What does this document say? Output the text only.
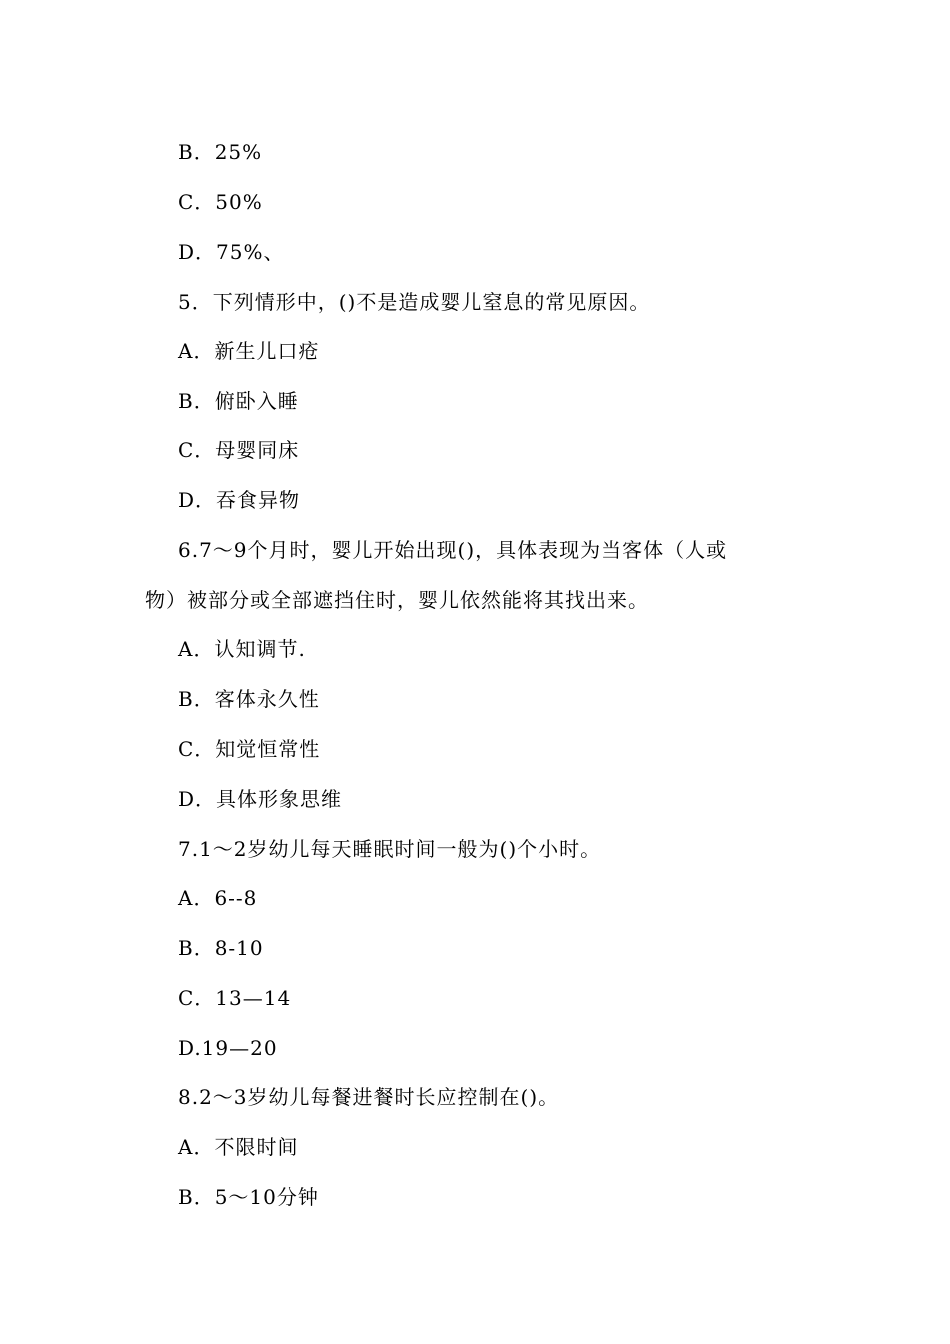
B．25%
C．50%
D．75%、
5．下列情形中，()不是造成婴儿窒息的常见原因。
A．新生儿口疮
B．俯卧入睡
C．母婴同床
D．吞食异物
6.7～9个月时，婴儿开始出现()，具体表现为当客体（人或
物）被部分或全部遮挡住时，婴儿依然能将其找出来。
A．认知调节.
B．客体永久性
C．知觉恒常性
D．具体形象思维
7.1～2岁幼儿每天睡眠时间一般为()个小时。
A．6--8
B．8-10
C．13—14
D.19—20
8.2～3岁幼儿每餐进餐时长应控制在()。
A．不限时间
B．5～10分钟
